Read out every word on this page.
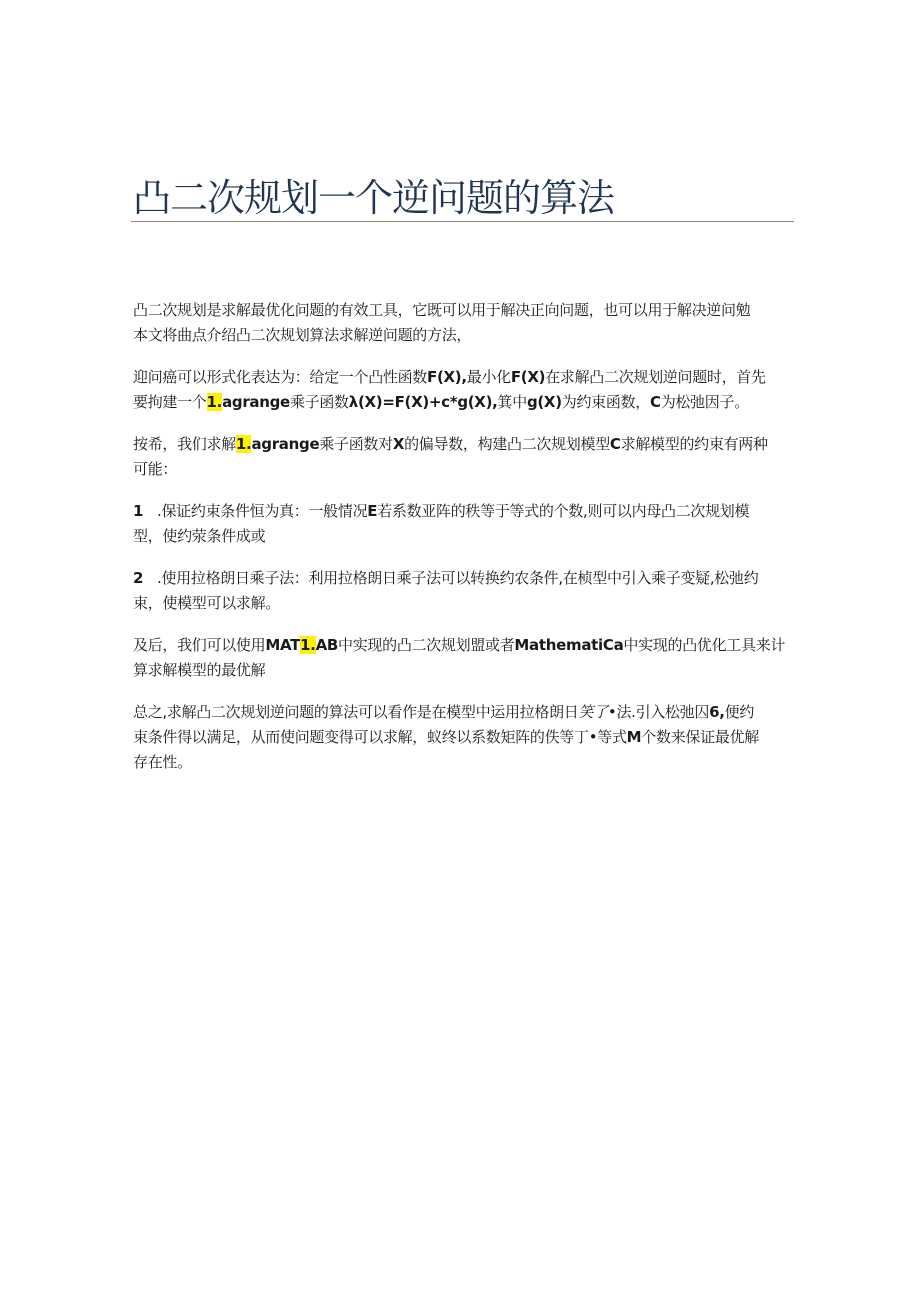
凸二次规划一个逆问题的算法

凸二次规划是求解最优化问题的有效工具，它既可以用于解决正向问题，也可以用于解决逆问勉
本文将曲点介绍凸二次规划算法求解逆问题的方法，

迎问癌可以形式化表达为：给定一个凸性函数F(X),最小化F(X)在求解凸二次规划逆问题时，首先
要拘建一个1.agrange乘子函数λ(X)=F(X)+c*g(X),箕中g(X)为约束函数，C为松弛因子。

按希，我们求解1.agrange乘子函数对X的偏导数，构建凸二次规划模型C求解模型的约束有两种
可能：

1 .保证约束条件恒为真：一般情况E若系数亚阵的秩等于等式的个数,则可以内母凸二次规划模
型，使约荥条件成或

2 .使用拉格朗日乘子法：利用拉格朗日乘子法可以转换约农条件,在桢型中引入乘子变疑,松弛约
束，使模型可以求解。

及后，我们可以使用MAT1.AB中实现的凸二次规划盟或者MathematiCa中实现的凸优化工具来计
算求解模型的最优解

总之,求解凸二次规划逆问题的算法可以看作是在模型中运用拉格朗日笑了•法.引入松弛囚6,便约
束条件得以满足，从而使问题变得可以求解，蚁终以系数矩阵的佚等丁•等式M个数来保证最优解
存在性。
